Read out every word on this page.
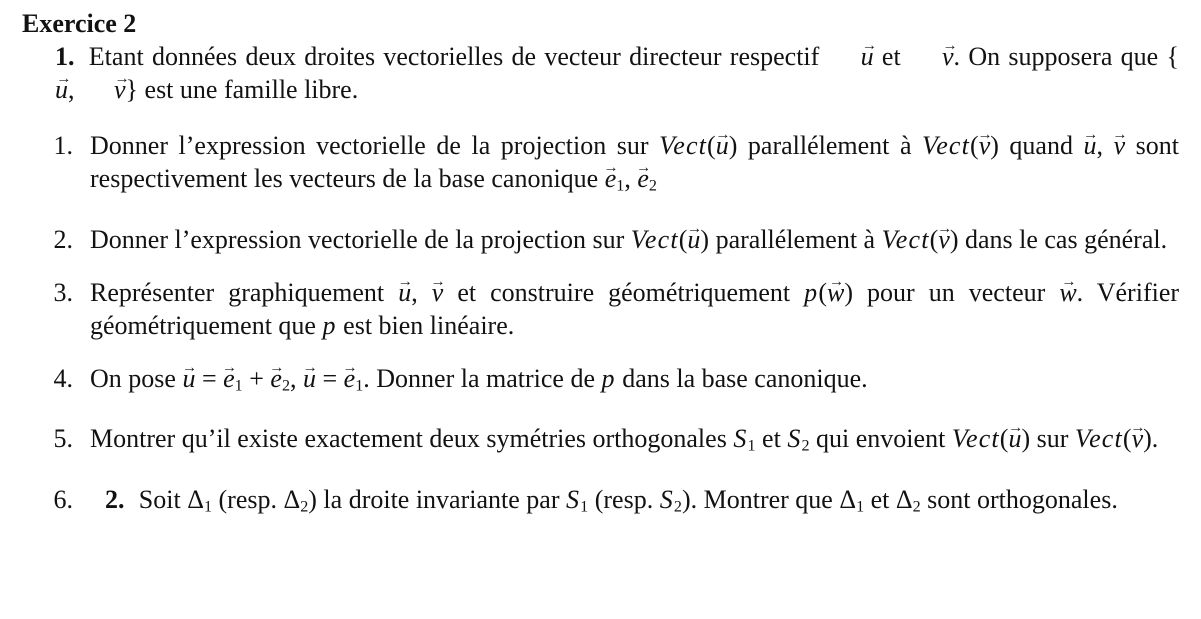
Exercice 2

1. Etant données deux droites vectorielles de vecteur directeur respectif u → et v →. On supposera que {u →, v →} est une famille libre.

1. Donner l’expression vectorielle de la projection sur Vect(u →) parallélement à Vect(v →) quand u →, v → sont respectivement les vecteurs de la base canonique e →1, e →2
2. Donner l’expression vectorielle de la projection sur Vect(u →) parallélement à Vect(v →) dans le cas général.
3. Représenter graphiquement u →, v → et construire géométriquement p(w →) pour un vecteur w →. Vérifier géométriquement que p est bien linéaire.
4. On pose u → = e →1 + e →2, u → = e →1. Donner la matrice de p dans la base canonique.
5. Montrer qu’il existe exactement deux symétries orthogonales S1 et S2 qui envoient Vect(u →) sur Vect(v →).
6.	2. Soit Δ1 (resp. Δ2) la droite invariante par S1 (resp. S2). Montrer que Δ1 et Δ2 sont orthogonales.
